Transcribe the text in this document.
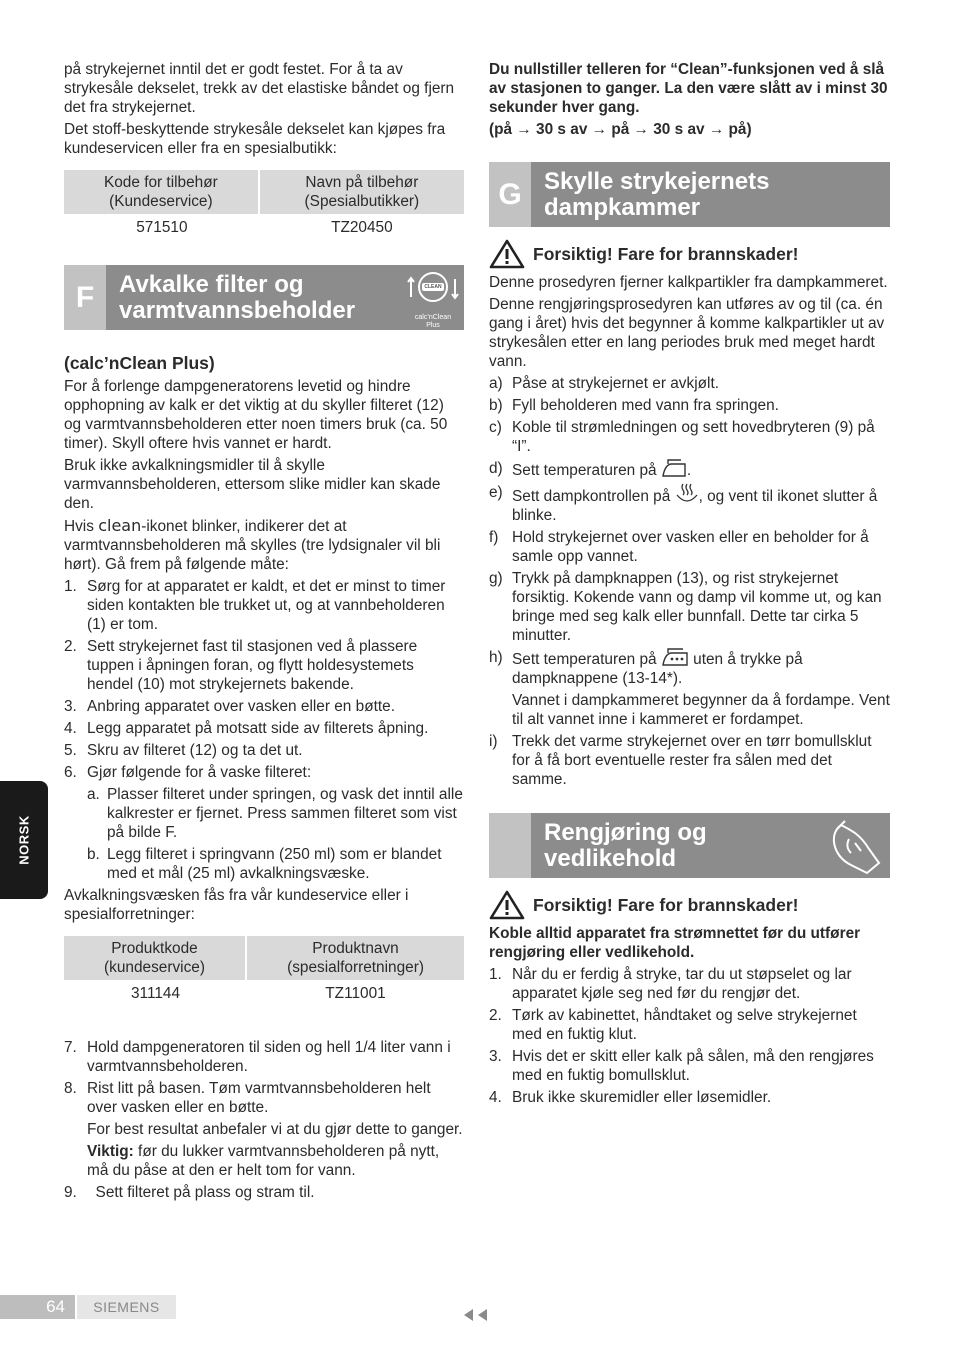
på strykejernet inntil det er godt festet. For å ta av strykesåle dekselet, trekk av det elastiske båndet og fjern det fra strykejernet.

Det stoff-beskyttende strykesåle dekselet kan kjøpes fra kundeservicen eller fra en spesialbutikk:

Kode for tilbehør (Kundeservice)	Navn på tilbehør (Spesialbutikker)
571510	TZ20450
F	Avkalke filter og
varmtvannsbeholder
CLEAN
calc’nClean
Plus
(calc’nClean Plus)

For å forlenge dampgeneratorens levetid og hindre opphopning av kalk er det viktig at du skyller filteret (12) og varmtvannsbeholderen etter noen timers bruk (ca. 50 timer). Skyll oftere hvis vannet er hardt.

Bruk ikke avkalkningsmidler til å skylle varmvannsbeholderen, ettersom slike midler kan skade den.

Hvis clean-ikonet blinker, indikerer det at varmtvannsbeholderen må skylles (tre lydsignaler vil bli hørt). Gå frem på følgende måte:

1. Sørg for at apparatet er kaldt, et det er minst to timer siden kontakten ble trukket ut, og at vannbeholderen (1) er tom.
2. Sett strykejernet fast til stasjonen ved å plassere tuppen i åpningen foran, og flytt holdesystemets hendel (10) mot strykejernets bakende.
3. Anbring apparatet over vasken eller en bøtte.
4. Legg apparatet på motsatt side av filterets åpning.
5. Skru av filteret (12) og ta det ut.
6. Gjør følgende for å vaske filteret:
a. Plasser filteret under springen, og vask det inntil alle kalkrester er fjernet. Press sammen filteret som vist på bilde F.
b. Legg filteret i springvann (250 ml) som er blandet med et mål (25 ml) avkalkningsvæske.

Avkalkningsvæsken fås fra vår kundeservice eller i spesialforretninger:

Produktkode (kundeservice)	Produktnavn (spesialforretninger)
311144	TZ11001
7. Hold dampgeneratoren til siden og hell 1/4 liter vann i varmtvannsbeholderen.
8. Rist litt på basen. Tøm varmtvannsbeholderen helt over vasken eller en bøtte.
For best resultat anbefaler vi at du gjør dette to ganger.
Viktig: før du lukker varmtvannsbeholderen på nytt, må du påse at den er helt tom for vann.
9. Sett filteret på plass og stram til.

Du nullstiller telleren for “Clean”-funksjonen ved å slå av stasjonen to ganger. La den være slått av i minst 30 sekunder hver gang.

(på → 30 s av → på → 30 s av → på)

G Skylle strykejernets
dampkammer
Forsiktig! Fare for brannskader!

Denne prosedyren fjerner kalkpartikler fra dampkammeret.

Denne rengjøringsprosedyren kan utføres av og til (ca. én gang i året) hvis det begynner å komme kalkpartikler ut av strykesålen etter en lang periodes bruk med meget hardt vann.

a) Påse at strykejernet er avkjølt.
b) Fyll beholderen med vann fra springen.
c) Koble til strømledningen og sett hovedbryteren (9) på “I”.
d) Sett temperaturen på .
e) Sett dampkontrollen på , og vent til ikonet slutter å blinke.
f) Hold strykejernet over vasken eller en beholder for å samle opp vannet.
g) Trykk på dampknappen (13), og rist strykejernet forsiktig. Kokende vann og damp vil komme ut, og kan bringe med seg kalk eller bunnfall. Dette tar cirka 5 minutter.
h) Sett temperaturen på  uten å trykke på dampknappene (13-14*).
Vannet i dampkammeret begynner da å fordampe. Vent til alt vannet inne i kammeret er fordampet.
i) Trekk det varme strykejernet over en tørr bomullsklut for å få bort eventuelle rester fra sålen med det samme.
Rengjøring og
vedlikehold
Forsiktig! Fare for brannskader!

Koble alltid apparatet fra strømnettet før du utfører rengjøring eller vedlikehold.

1. Når du er ferdig å stryke, tar du ut støpselet og lar apparatet kjøle seg ned før du rengjør det.
2. Tørk av kabinettet, håndtaket og selve strykejernet med en fuktig klut.
3. Hvis det er skitt eller kalk på sålen, må den rengjøres med en fuktig bomullsklut.
4. Bruk ikke skuremidler eller løsemidler.
NORSK
64	SIEMENS
